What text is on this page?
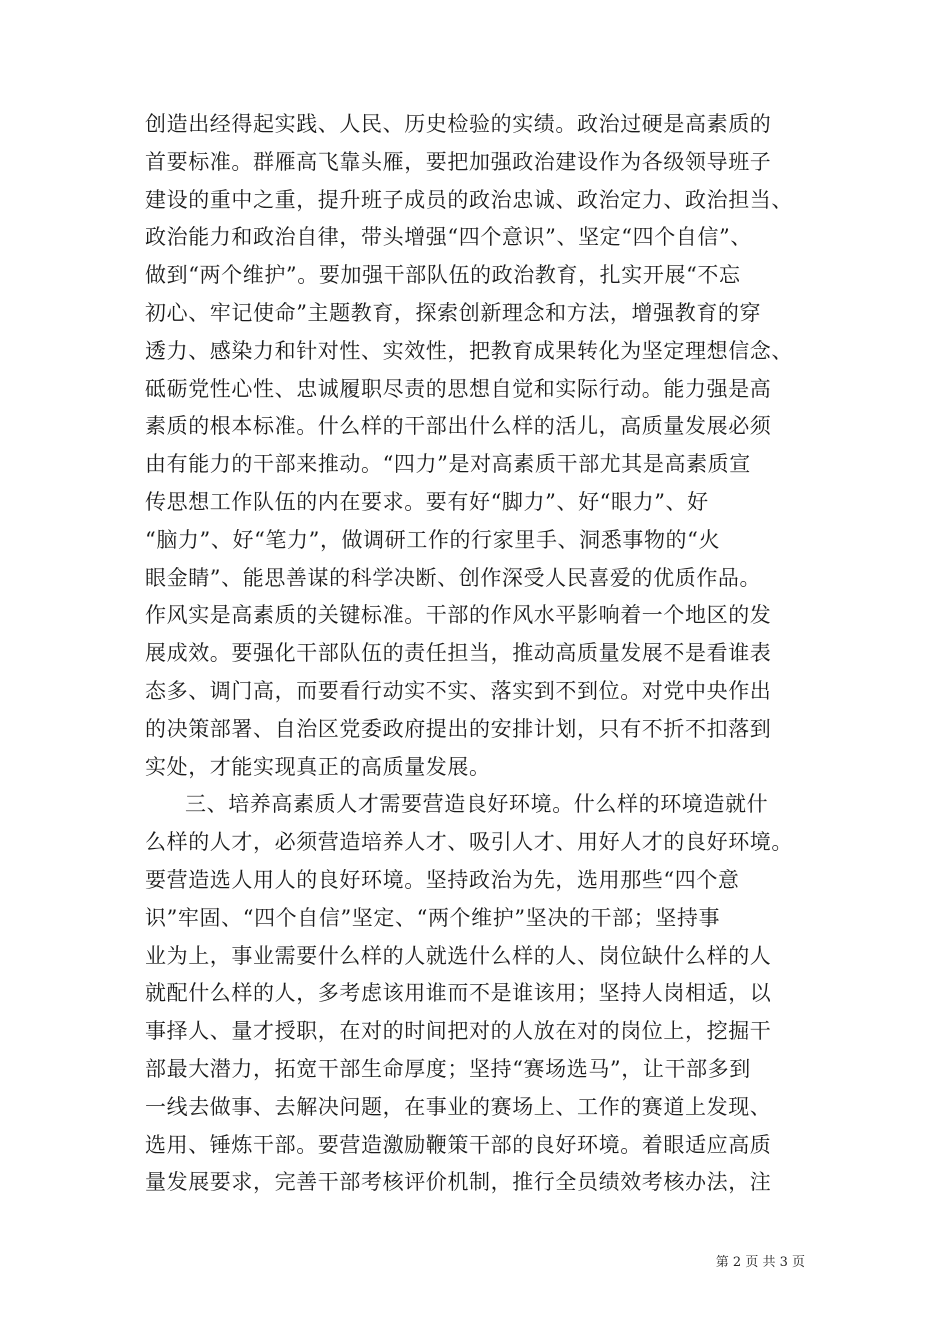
创造出经得起实践、人民、历史检验的实绩。政治过硬是高素质的
首要标准。群雁高飞靠头雁，要把加强政治建设作为各级领导班子
建设的重中之重，提升班子成员的政治忠诚、政治定力、政治担当、
政治能力和政治自律，带头增强“四个意识”、坚定“四个自信”、
做到“两个维护”。要加强干部队伍的政治教育，扎实开展“不忘
初心、牢记使命”主题教育，探索创新理念和方法，增强教育的穿
透力、感染力和针对性、实效性，把教育成果转化为坚定理想信念、
砥砺党性心性、忠诚履职尽责的思想自觉和实际行动。能力强是高
素质的根本标准。什么样的干部出什么样的活儿，高质量发展必须
由有能力的干部来推动。“四力”是对高素质干部尤其是高素质宣
传思想工作队伍的内在要求。要有好“脚力”、好“眼力”、好
“脑力”、好“笔力”，做调研工作的行家里手、洞悉事物的“火
眼金睛”、能思善谋的科学决断、创作深受人民喜爱的优质作品。
作风实是高素质的关键标准。干部的作风水平影响着一个地区的发
展成效。要强化干部队伍的责任担当，推动高质量发展不是看谁表
态多、调门高，而要看行动实不实、落实到不到位。对党中央作出
的决策部署、自治区党委政府提出的安排计划，只有不折不扣落到
实处，才能实现真正的高质量发展。
三、培养高素质人才需要营造良好环境。什么样的环境造就什
么样的人才，必须营造培养人才、吸引人才、用好人才的良好环境。
要营造选人用人的良好环境。坚持政治为先，选用那些“四个意
识”牢固、“四个自信”坚定、“两个维护”坚决的干部；坚持事
业为上，事业需要什么样的人就选什么样的人、岗位缺什么样的人
就配什么样的人，多考虑该用谁而不是谁该用；坚持人岗相适，以
事择人、量才授职，在对的时间把对的人放在对的岗位上，挖掘干
部最大潜力，拓宽干部生命厚度；坚持“赛场选马”，让干部多到
一线去做事、去解决问题，在事业的赛场上、工作的赛道上发现、
选用、锤炼干部。要营造激励鞭策干部的良好环境。着眼适应高质
量发展要求，完善干部考核评价机制，推行全员绩效考核办法，注
第 2 页 共 3 页
